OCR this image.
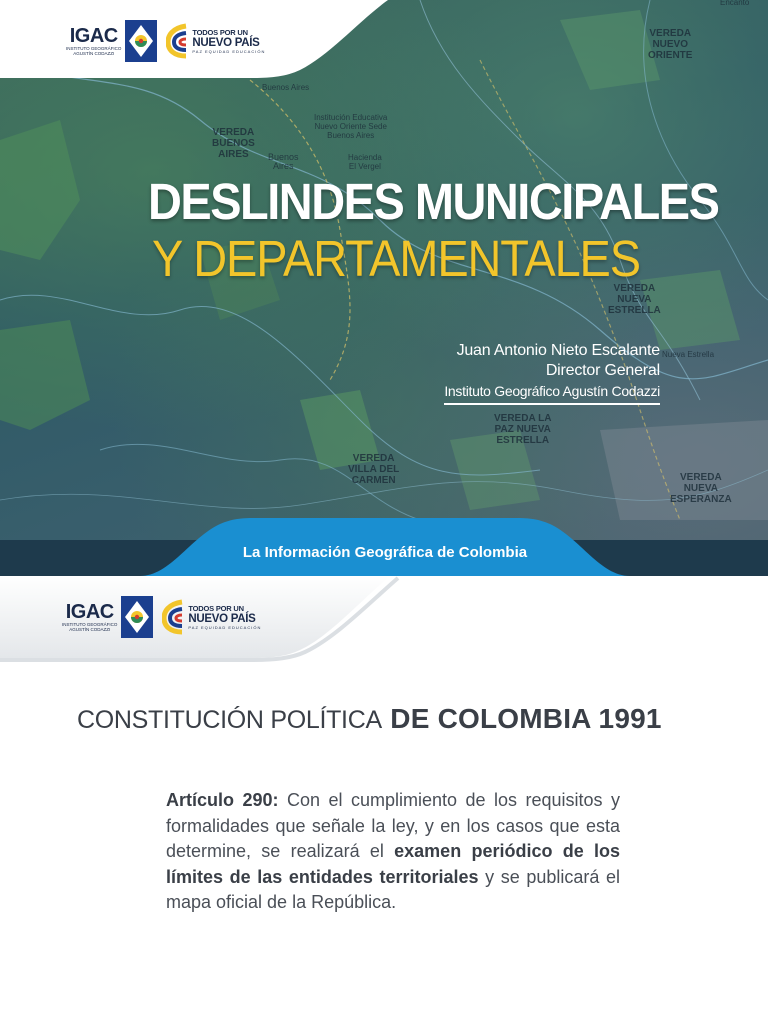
VEREDA
NUEVO
ORIENTE
Encanto
Buenos Aires
Institución Educativa
Nuevo Oriente Sede
Buenos Aires
VEREDA
BUENOS
AIRES	Buenos
Aires
Hacienda
El Vergel
VEREDA
NUEVA
ESTRELLA
Nueva Estrella
VEREDA LA
PAZ NUEVA
ESTRELLA
VEREDA
VILLA DEL
CARMEN	VEREDA
NUEVA
ESPERANZA
IGAC
INSTITUTO GEOGRÁFICO
AGUSTÍN CODAZZI
TODOS POR UN
NUEVO PAÍS
PAZ EQUIDAD EDUCACIÓN
DESLINDES MUNICIPALES
Y DEPARTAMENTALES
Juan Antonio Nieto Escalante
Director General
Instituto Geográfico Agustín Codazzi
La Información Geográfica de Colombia
IGAC
INSTITUTO GEOGRÁFICO
AGUSTÍN CODAZZI
TODOS POR UN
NUEVO PAÍS
PAZ EQUIDAD EDUCACIÓN
CONSTITUCIÓN POLÍTICA DE COLOMBIA 1991
Artículo 290: Con el cumplimiento de los requisitos y formalidades que señale la ley, y en los casos que esta determine, se realizará el examen periódico de los límites de las entidades territoriales y se publicará el mapa oficial de la República.
